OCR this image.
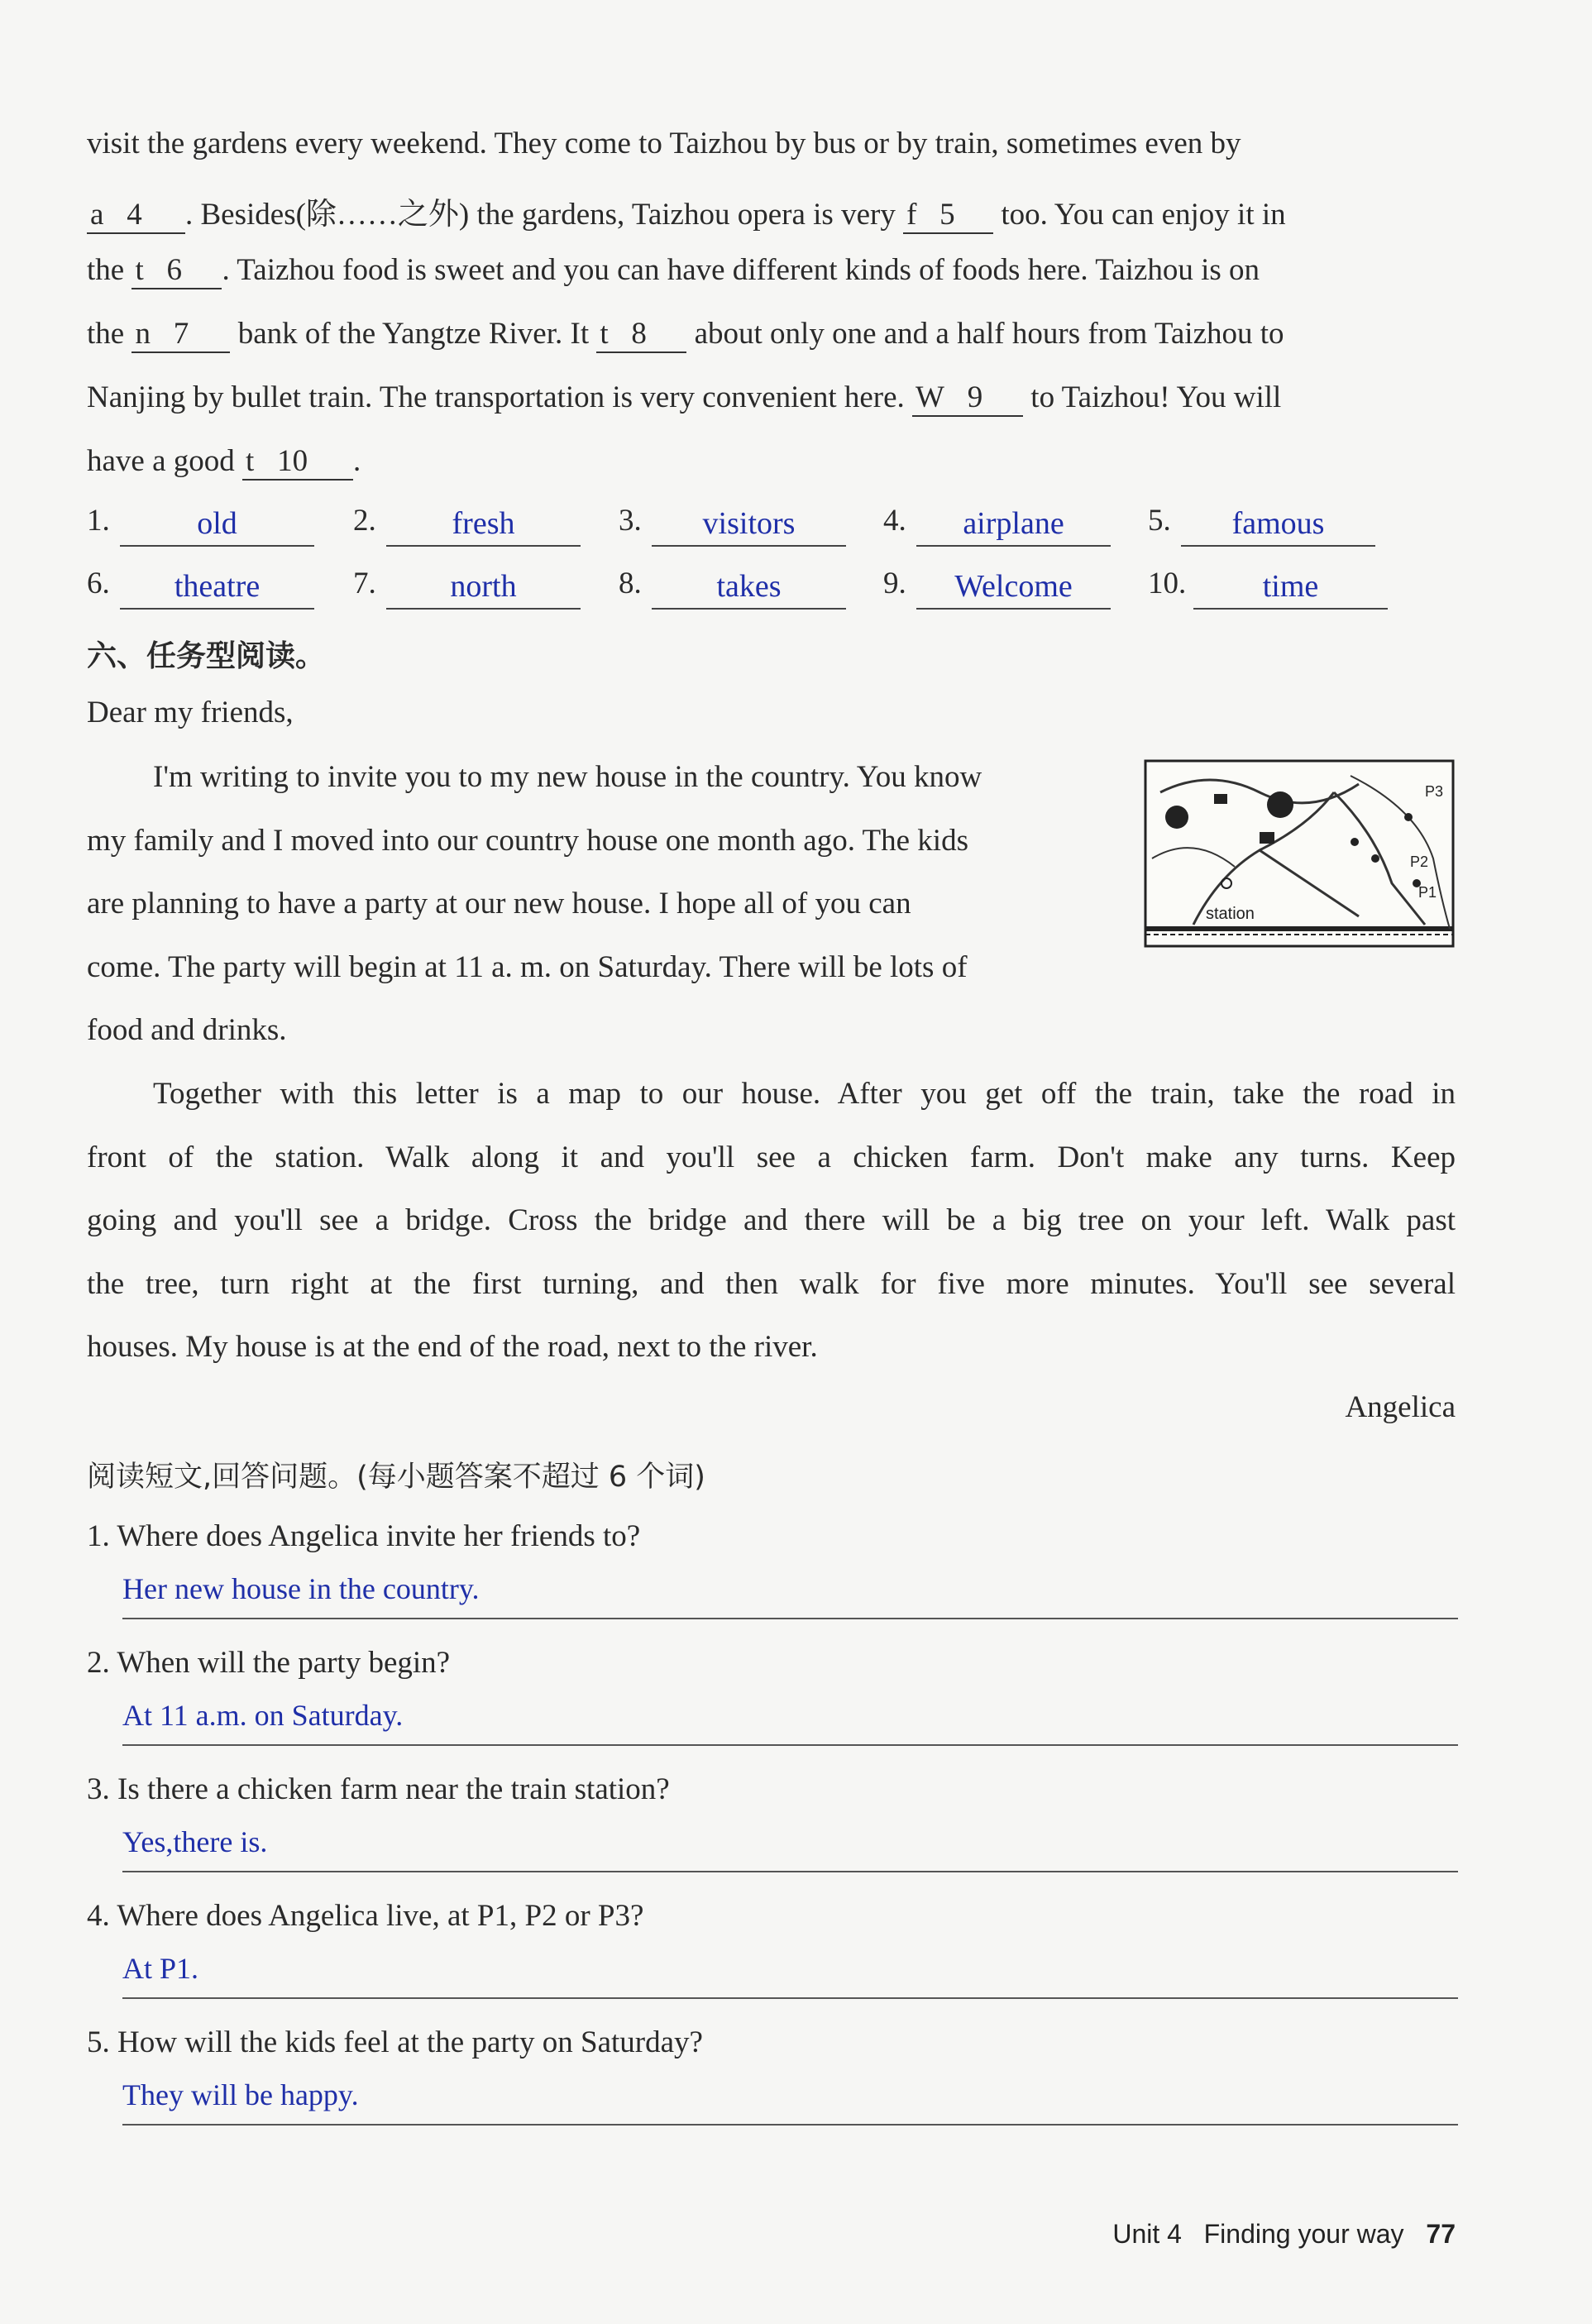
visit the gardens every weekend. They come to Taizhou by bus or by train, sometimes even by
a 4 . Besides(除……之外) the gardens, Taizhou opera is very f 5 too. You can enjoy it in
the t 6 . Taizhou food is sweet and you can have different kinds of foods here. Taizhou is on
the n 7 bank of the Yangtze River. It t 8 about only one and a half hours from Taizhou to
Nanjing by bullet train. The transportation is very convenient here. W 9 to Taizhou! You will
have a good t 10 .
1.	old	2.	fresh	3.	visitors	4.	airplane	5.	famous
6.	theatre	7.	north	8.	takes	9.	Welcome	10.	time
六、任务型阅读。
Dear my friends,
I'm writing to invite you to my new house in the country. You know
my family and I moved into our country house one month ago. The kids
are planning to have a party at our new house. I hope all of you can
come. The party will begin at 11 a. m. on Saturday. There will be lots of
food and drinks.
station
P1
P2
P3
Together with this letter is a map to our house. After you get off the train, take the road in
front of the station. Walk along it and you'll see a chicken farm. Don't make any turns. Keep
going and you'll see a bridge. Cross the bridge and there will be a big tree on your left. Walk past
the tree, turn right at the first turning, and then walk for five more minutes. You'll see several
houses. My house is at the end of the road, next to the river.
Angelica
阅读短文,回答问题。(每小题答案不超过 6 个词)
1. Where does Angelica invite her friends to?
Her new house in the country.
2. When will the party begin?
At 11 a.m. on Saturday.
3. Is there a chicken farm near the train station?
Yes,there is.
4. Where does Angelica live, at P1, P2 or P3?
At P1.
5. How will the kids feel at the party on Saturday?
They will be happy.
Unit 4 Finding your way 77
